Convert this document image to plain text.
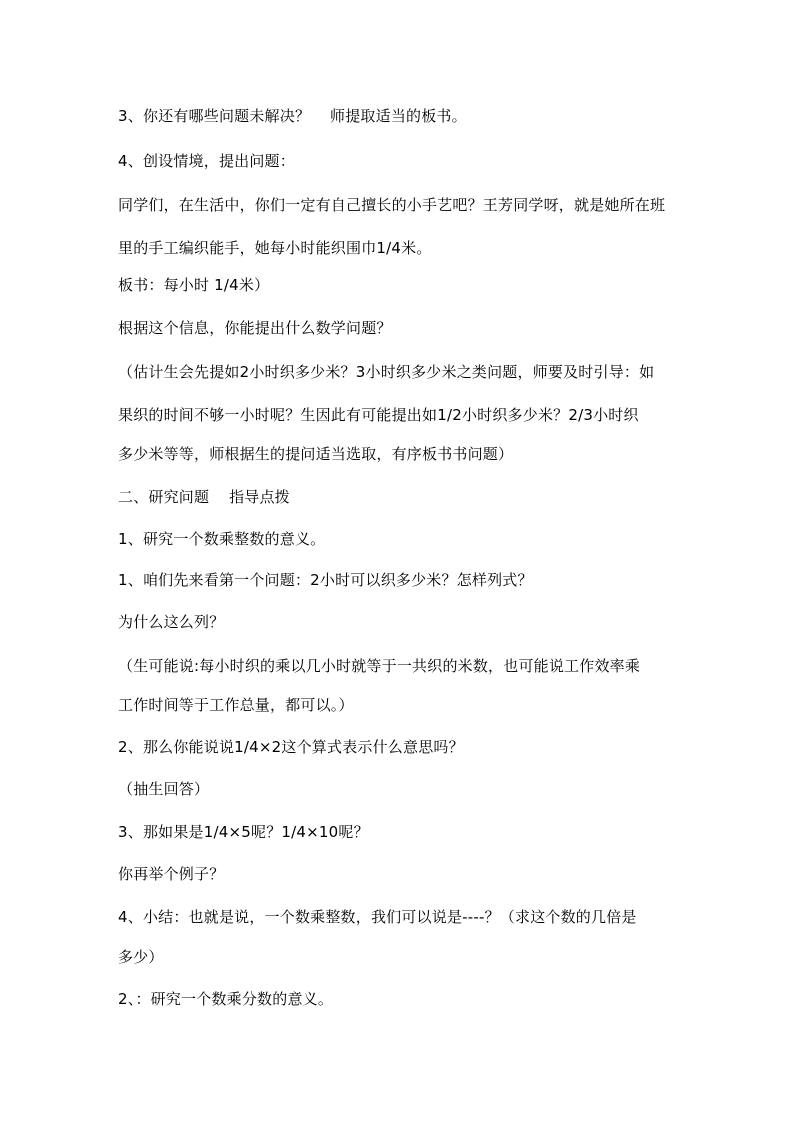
3、你还有哪些问题未解决？    师提取适当的板书。
4、创设情境，提出问题：
同学们，在生活中，你们一定有自己擅长的小手艺吧？王芳同学呀，就是她所在班
里的手工编织能手，她每小时能织围巾1/4米。
板书：每小时 1/4米）
根据这个信息，你能提出什么数学问题？
（估计生会先提如2小时织多少米？3小时织多少米之类问题，师要及时引导：如
果织的时间不够一小时呢？生因此有可能提出如1/2小时织多少米？2/3小时织
多少米等等，师根据生的提问适当选取，有序板书书问题）
二、研究问题    指导点拨
1、研究一个数乘整数的意义。
1、咱们先来看第一个问题：2小时可以织多少米？怎样列式？
为什么这么列？
（生可能说:每小时织的乘以几小时就等于一共织的米数，也可能说工作效率乘
工作时间等于工作总量，都可以。）
2、那么你能说说1/4×2这个算式表示什么意思吗？
（抽生回答）
3、那如果是1/4×5呢？1/4×10呢？
你再举个例子？
4、小结：也就是说，一个数乘整数，我们可以说是----？（求这个数的几倍是
多少）
2、：研究一个数乘分数的意义。
